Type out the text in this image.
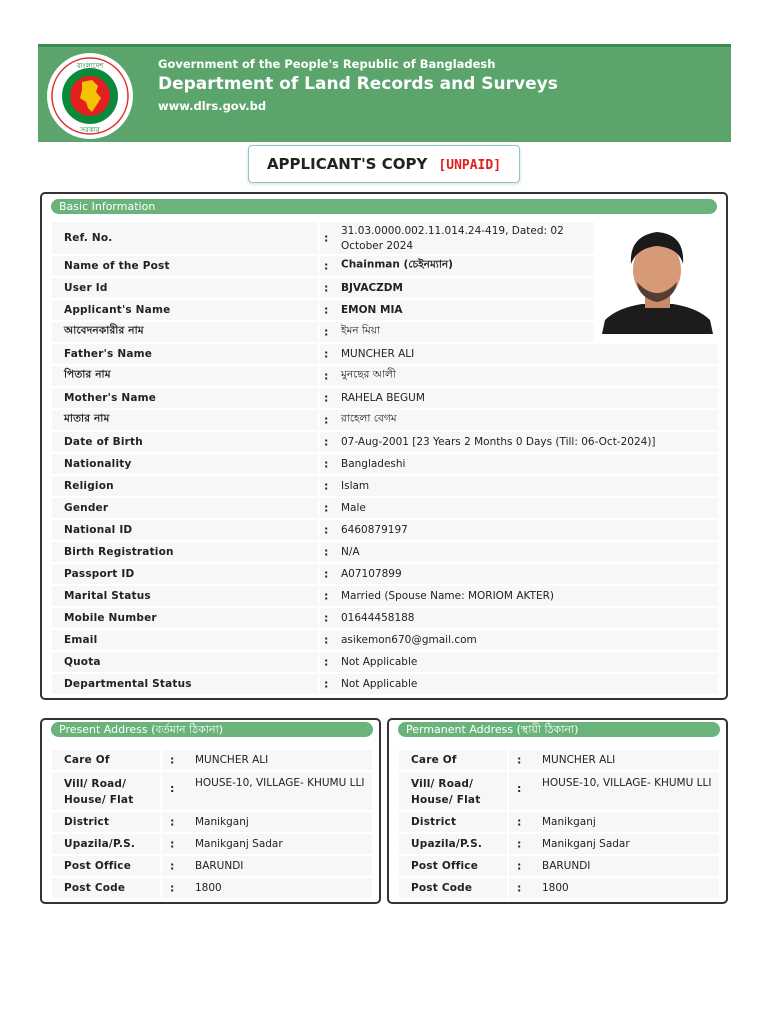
বাংলাদেশ
সরকার
Government of the People's Republic of Bangladesh
Department of Land Records and Surveys
www.dlrs.gov.bd
APPLICANT'S COPY [UNPAID]
Basic Information
Ref. No.	:
31.03.0000.002.11.014.24-419, Dated: 02 October 2024
Name of the Post	: Chainman (চেইনম্যান)
User Id	: BJVACZDM
Applicant's Name	: EMON MIA
আবেদনকারীর নাম	: ইমন মিয়া
Father's Name	: MUNCHER ALI
পিতার নাম	: মুনছের আলী
Mother's Name	: RAHELA BEGUM
মাতার নাম	: রাহেলা বেগম
Date of Birth	: 07-Aug-2001 [23 Years 2 Months 0 Days (Till: 06-Oct-2024)]
Nationality	: Bangladeshi
Religion	: Islam
Gender	: Male
National ID	: 6460879197
Birth Registration	: N/A
Passport ID	: A07107899
Marital Status	: Married (Spouse Name: MORIOM AKTER)
Mobile Number	: 01644458188
Email	: asikemon670@gmail.com
Quota	: Not Applicable
Departmental Status	: Not Applicable
Present Address (বর্তমান ঠিকানা)
Care Of	: MUNCHER ALI
Vill/ Road/ House/ Flat
: HOUSE-10, VILLAGE- KHUMU LLI
District	: Manikganj
Upazila/P.S.	: Manikganj Sadar
Post Office	: BARUNDI
Post Code	: 1800
Permanent Address (স্থায়ী ঠিকানা)
Care Of	: MUNCHER ALI
Vill/ Road/ House/ Flat
: HOUSE-10, VILLAGE- KHUMU LLI
District	: Manikganj
Upazila/P.S.	: Manikganj Sadar
Post Office	: BARUNDI
Post Code	: 1800
